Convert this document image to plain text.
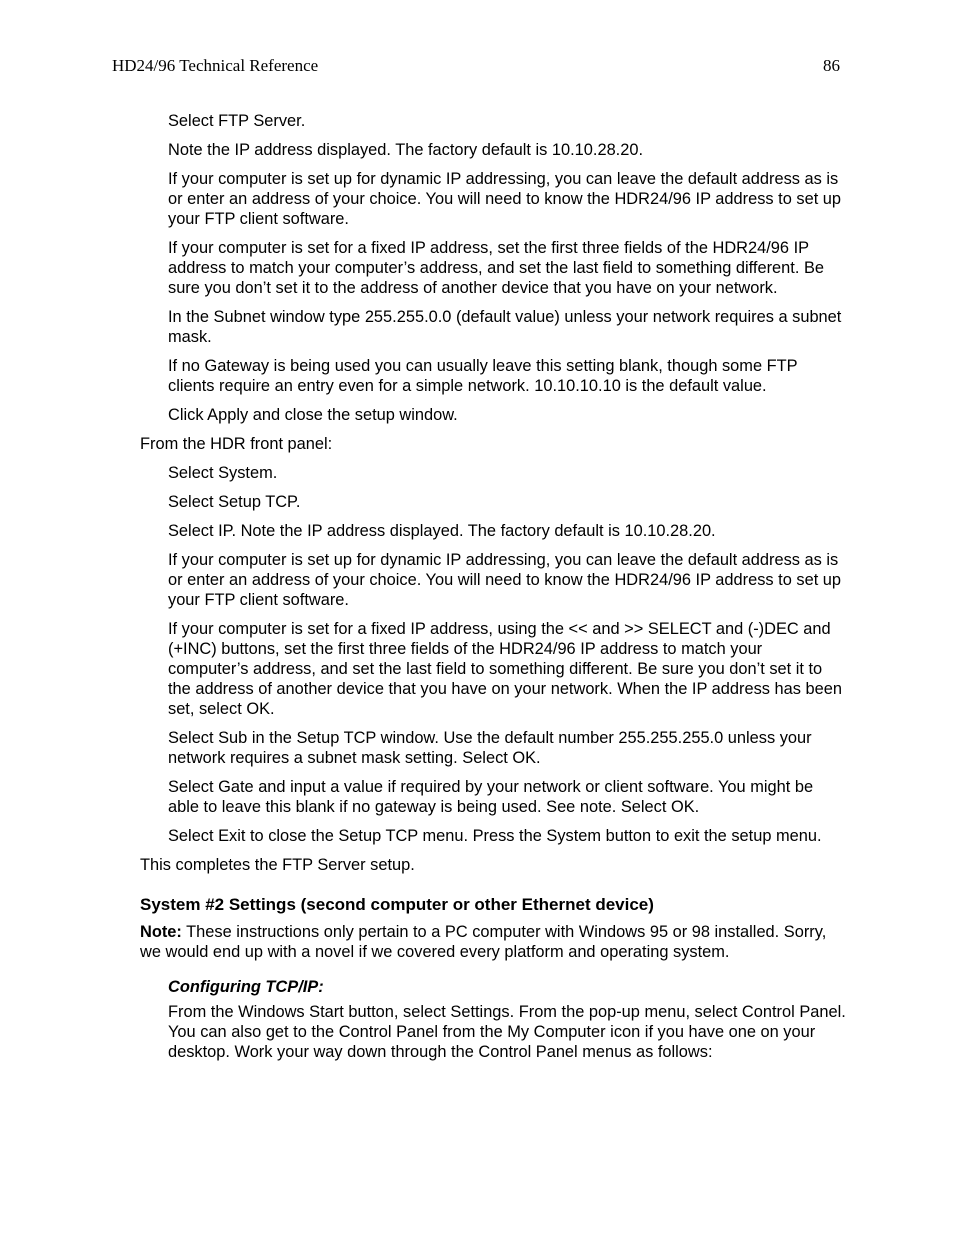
HD24/96 Technical Reference	86

Select FTP Server.

Note the IP address displayed. The factory default is 10.10.28.20.

If your computer is set up for dynamic IP addressing, you can leave the default address as is or enter an address of your choice. You will need to know the HDR24/96 IP address to set up your FTP client software.

If your computer is set for a fixed IP address, set the first three fields of the HDR24/96 IP address to match your computer’s address, and set the last field to something different. Be sure you don’t set it to the address of another device that you have on your network.

In the Subnet window type 255.255.0.0 (default value) unless your network requires a subnet mask.

If no Gateway is being used you can usually leave this setting blank, though some FTP clients require an entry even for a simple network. 10.10.10.10 is the default value.

Click Apply and close the setup window.

From the HDR front panel:

Select System.

Select Setup TCP.

Select IP. Note the IP address displayed. The factory default is 10.10.28.20.

If your computer is set up for dynamic IP addressing, you can leave the default address as is or enter an address of your choice. You will need to know the HDR24/96 IP address to set up your FTP client software.

If your computer is set for a fixed IP address, using the << and >> SELECT and (-)DEC and (+INC) buttons, set the first three fields of the HDR24/96 IP address to match your computer’s address, and set the last field to something different. Be sure you don’t set it to the address of another device that you have on your network. When the IP address has been set, select OK.

Select Sub in the Setup TCP window. Use the default number 255.255.255.0 unless your network requires a subnet mask setting. Select OK.

Select Gate and input a value if required by your network or client software. You might be able to leave this blank if no gateway is being used. See note. Select OK.

Select Exit to close the Setup TCP menu. Press the System button to exit the setup menu.

This completes the FTP Server setup.

System #2 Settings (second computer or other Ethernet device)

Note: These instructions only pertain to a PC computer with Windows 95 or 98 installed. Sorry, we would end up with a novel if we covered every platform and operating system.

Configuring TCP/IP:

From the Windows Start button, select Settings. From the pop-up menu, select Control Panel. You can also get to the Control Panel from the My Computer icon if you have one on your desktop. Work your way down through the Control Panel menus as follows:
